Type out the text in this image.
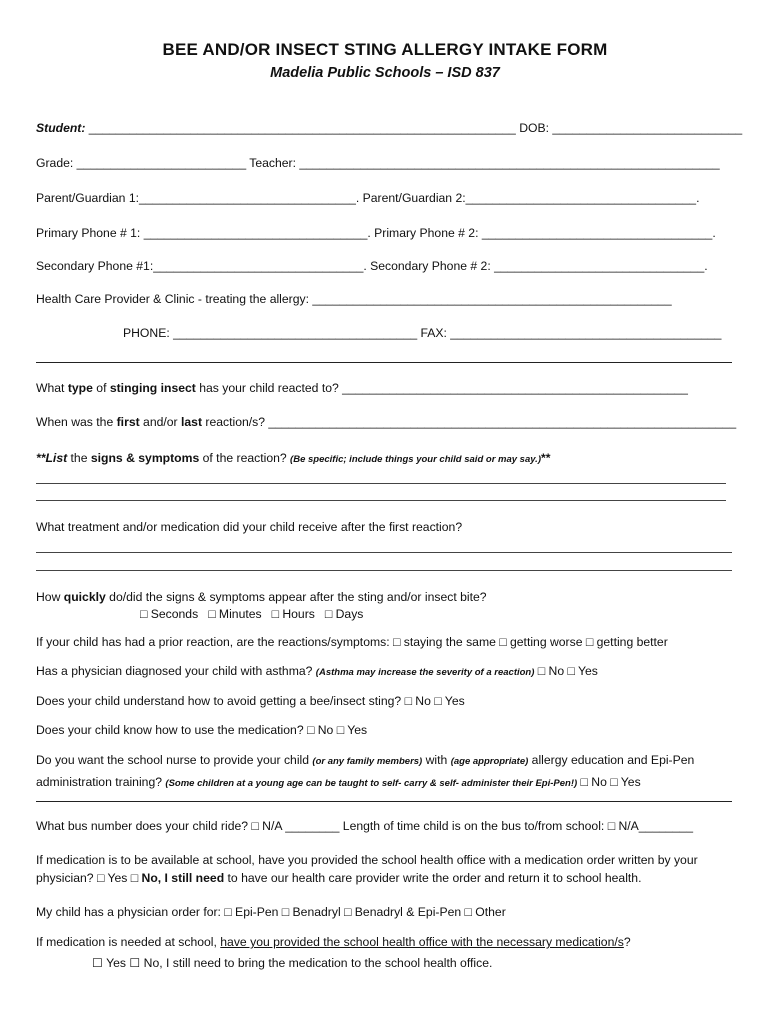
BEE AND/OR INSECT STING ALLERGY INTAKE FORM
Madelia Public Schools – ISD 837
Student: _______________________________________________________________ DOB: ____________________________
Grade: _________________________ Teacher: ______________________________________________________________
Parent/Guardian 1:________________________________. Parent/Guardian 2:__________________________________.
Primary Phone # 1: _________________________________. Primary Phone # 2: __________________________________.
Secondary Phone #1:_______________________________. Secondary Phone # 2: _______________________________.
Health Care Provider & Clinic - treating the allergy: _____________________________________________________
PHONE: ____________________________________ FAX: ________________________________________
What type of stinging insect has your child reacted to? ___________________________________________________
When was the first and/or last reaction/s? _____________________________________________________________________
**List the signs & symptoms of the reaction? (Be specific; include things your child said or may say.)**
What treatment and/or medication did your child receive after the first reaction?
How quickly do/did the signs & symptoms appear after the sting and/or insect bite?
□ Seconds □ Minutes □ Hours □ Days
If your child has had a prior reaction, are the reactions/symptoms: □ staying the same □ getting worse □ getting better
Has a physician diagnosed your child with asthma? (Asthma may increase the severity of a reaction) □ No □ Yes
Does your child understand how to avoid getting a bee/insect sting? □ No □ Yes
Does your child know how to use the medication? □ No □ Yes
Do you want the school nurse to provide your child (or any family members) with (age appropriate) allergy education and Epi-Pen
administration training? (Some children at a young age can be taught to self- carry & self- administer their Epi-Pen!) □ No □ Yes
What bus number does your child ride? □ N/A ________ Length of time child is on the bus to/from school: □ N/A________
If medication is to be available at school, have you provided the school health office with a medication order written by your
physician? □ Yes □ No, I still need to have our health care provider write the order and return it to school health.
My child has a physician order for: □ Epi-Pen □ Benadryl □ Benadryl & Epi-Pen □ Other
If medication is needed at school, have you provided the school health office with the necessary medication/s?
☐ Yes ☐ No, I still need to bring the medication to the school health office.
